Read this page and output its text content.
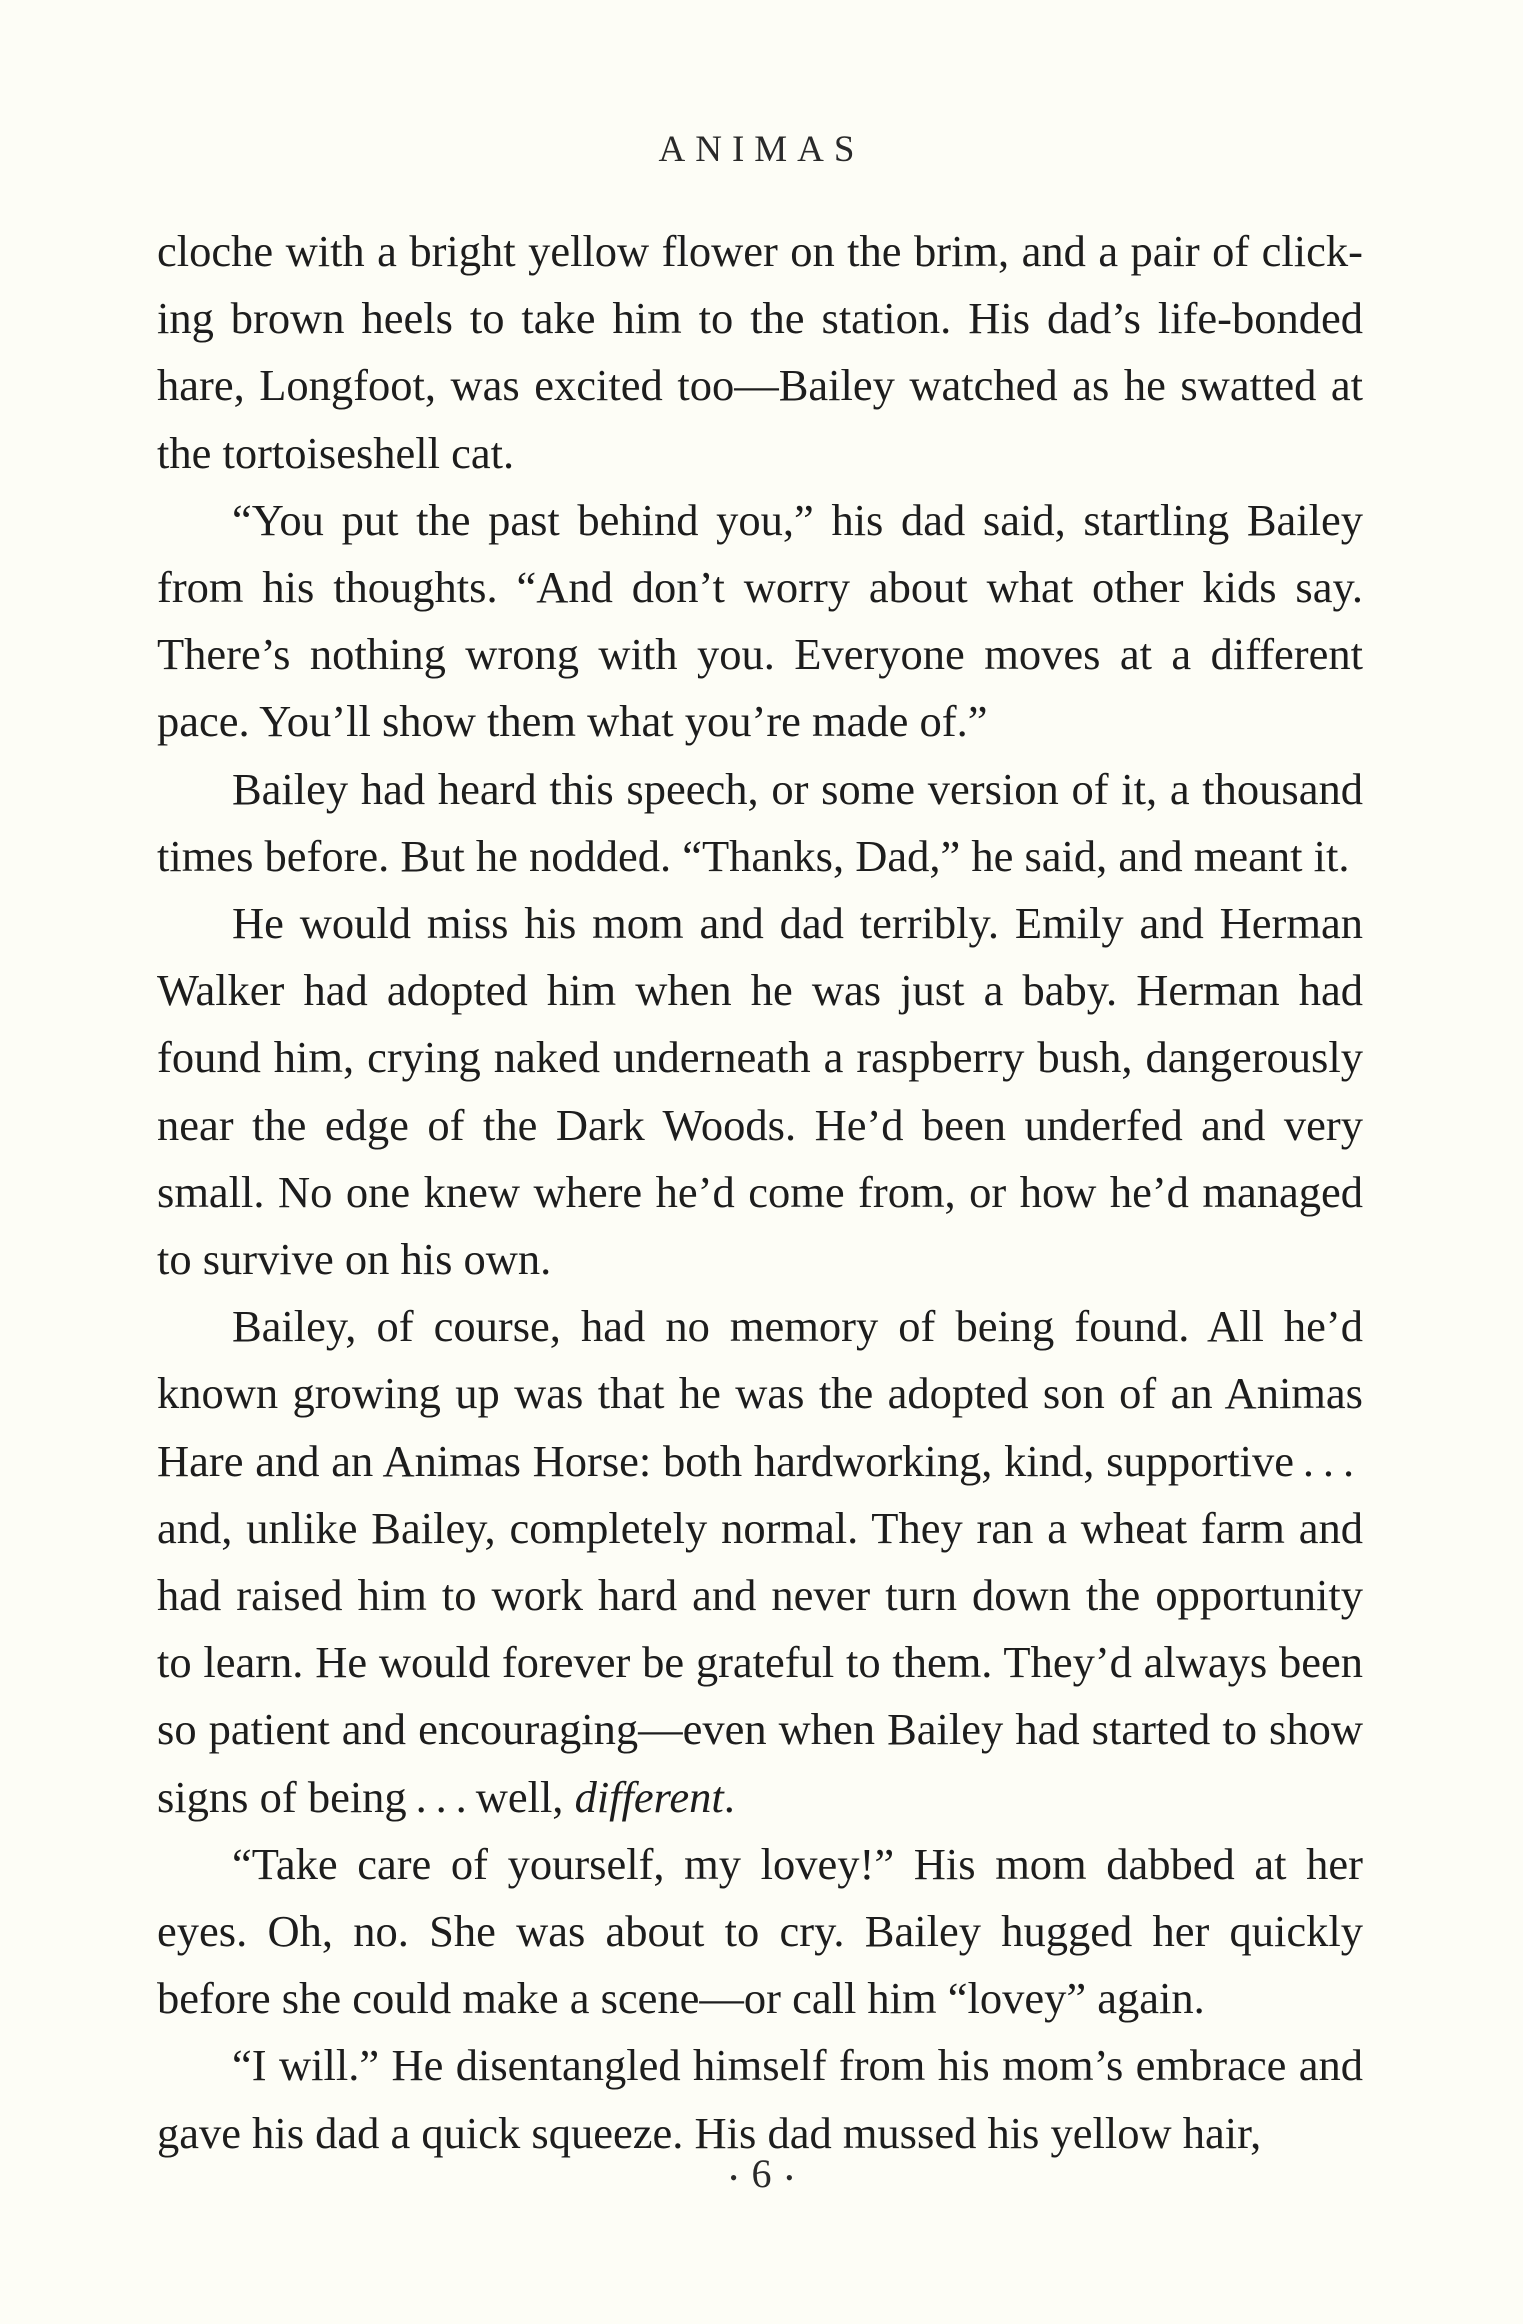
ANIMAS

cloche with a bright yellow flower on the brim, and a pair of clicking brown heels to take him to the station. His dad’s life-bonded hare, Longfoot, was excited too—Bailey watched as he swatted at the tortoiseshell cat.

“You put the past behind you,” his dad said, startling Bailey from his thoughts. “And don’t worry about what other kids say. There’s nothing wrong with you. Everyone moves at a different pace. You’ll show them what you’re made of.”

Bailey had heard this speech, or some version of it, a thousand times before. But he nodded. “Thanks, Dad,” he said, and meant it.

He would miss his mom and dad terribly. Emily and Herman Walker had adopted him when he was just a baby. Herman had found him, crying naked underneath a raspberry bush, dangerously near the edge of the Dark Woods. He’d been underfed and very small. No one knew where he’d come from, or how he’d managed to survive on his own.

Bailey, of course, had no memory of being found. All he’d known growing up was that he was the adopted son of an Animas Hare and an Animas Horse: both hardworking, kind, supportive . . . and, unlike Bailey, completely normal. They ran a wheat farm and had raised him to work hard and never turn down the opportunity to learn. He would forever be grateful to them. They’d always been so patient and encouraging—even when Bailey had started to show signs of being . . . well, different.

“Take care of yourself, my lovey!” His mom dabbed at her eyes. Oh, no. She was about to cry. Bailey hugged her quickly before she could make a scene—or call him “lovey” again.

“I will.” He disentangled himself from his mom’s embrace and gave his dad a quick squeeze. His dad mussed his yellow hair,

• 6 •
